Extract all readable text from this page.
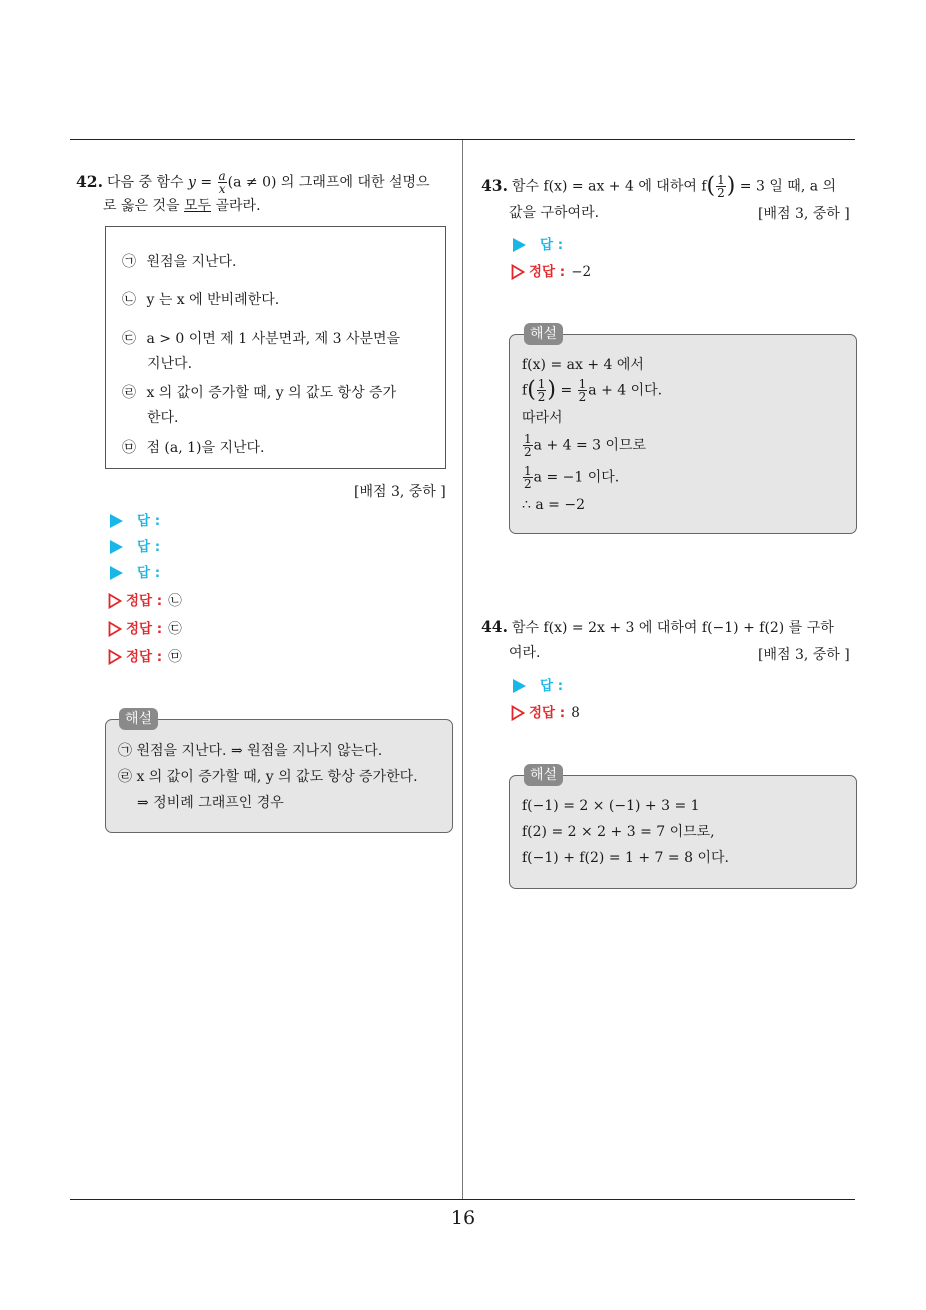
16
42. 다음 중 함수 $y = \frac{a}{x} (a \ne 0)$ 의 그래프에 대한 설명으
로 옳은 것을 모두 골라라.
㉠ 원점을 지난다.
㉡ y 는 x 에 반비례한다.
㉢ a > 0 이면 제 1 사분면과, 제 3 사분면을
지난다.
㉣ x 의 값이 증가할 때, y 의 값도 항상 증가
한다.
㉤ 점 (a, 1)을 지난다.
[배점 3, 중하 ]
답 :
답 :
답 :
정답 : ㉡
정답 : ㉢
정답 : ㉤
해설
㉠ 원점을 지난다. ⇒ 원점을 지나지 않는다.
㉣ x 의 값이 증가할 때, y 의 값도 항상 증가한다.
⇒ 정비례 그래프인 경우
43. 함수 f(x) = ax + 4 에 대하여 $f( \frac{1}{2}$ ) = 3 일 때, a 의
값을 구하여라.	[배점 3, 중하 ]
답 :
정답 : −2
해설
f(x) = ax + 4 에서
$f( \frac{1}{2}$ ) = $\frac{1}{2}$ a + 4 이다.
따라서
$\frac{1}{2}$ a + 4 = 3 이므로
$\frac{1}{2}$ a = −1 이다.
∴ a = −2
44. 함수 f(x) = 2x + 3 에 대하여 f(−1) + f(2) 를 구하
여라.	[배점 3, 중하 ]
답 :
정답 : 8
해설
f(−1) = 2 × (−1) + 3 = 1
f(2) = 2 × 2 + 3 = 7 이므로,
f(−1) + f(2) = 1 + 7 = 8 이다.
